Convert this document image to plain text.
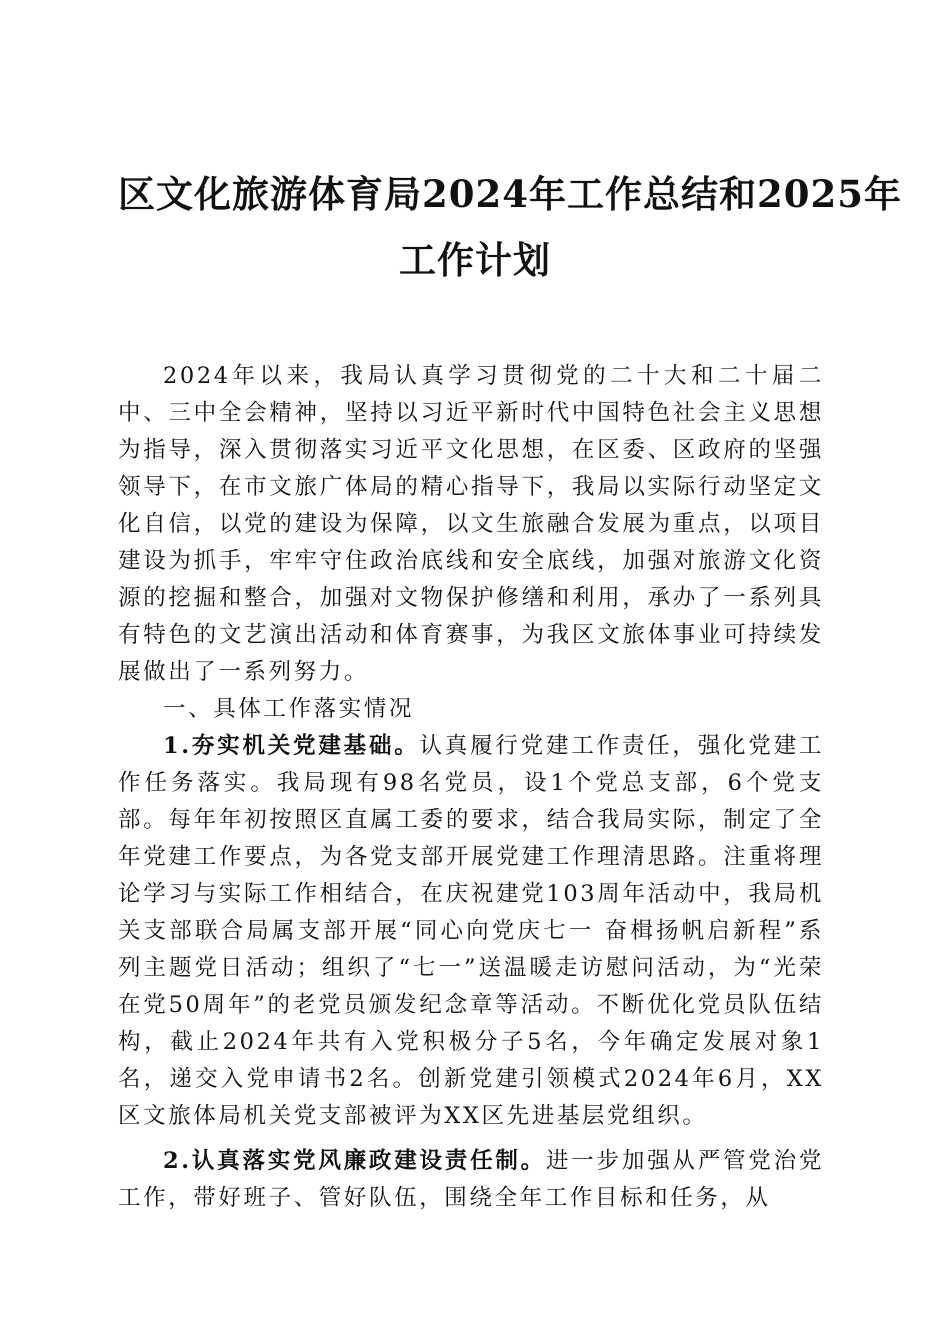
区文化旅游体育局2024年工作总结和2025年
工作计划

2024年以来，我局认真学习贯彻党的二十大和二十届二中、三中全会精神，坚持以习近平新时代中国特色社会主义思想为指导，深入贯彻落实习近平文化思想，在区委、区政府的坚强领导下，在市文旅广体局的精心指导下，我局以实际行动坚定文化自信，以党的建设为保障，以文生旅融合发展为重点，以项目建设为抓手，牢牢守住政治底线和安全底线，加强对旅游文化资源的挖掘和整合，加强对文物保护修缮和利用，承办了一系列具有特色的文艺演出活动和体育赛事，为我区文旅体事业可持续发展做出了一系列努力。

一、具体工作落实情况

1.夯实机关党建基础。认真履行党建工作责任，强化党建工作任务落实。我局现有98名党员，设1个党总支部，6个党支部。每年年初按照区直属工委的要求，结合我局实际，制定了全年党建工作要点，为各党支部开展党建工作理清思路。注重将理论学习与实际工作相结合，在庆祝建党103周年活动中，我局机关支部联合局属支部开展“同心向党庆七一 奋楫扬帆启新程”系列主题党日活动；组织了“七一”送温暖走访慰问活动，为“光荣在党50周年”的老党员颁发纪念章等活动。不断优化党员队伍结构，截止2024年共有入党积极分子5名，今年确定发展对象1名，递交入党申请书2名。创新党建引领模式2024年6月，XX区文旅体局机关党支部被评为XX区先进基层党组织。

2.认真落实党风廉政建设责任制。进一步加强从严管党治党工作，带好班子、管好队伍，围绕全年工作目标和任务，从
